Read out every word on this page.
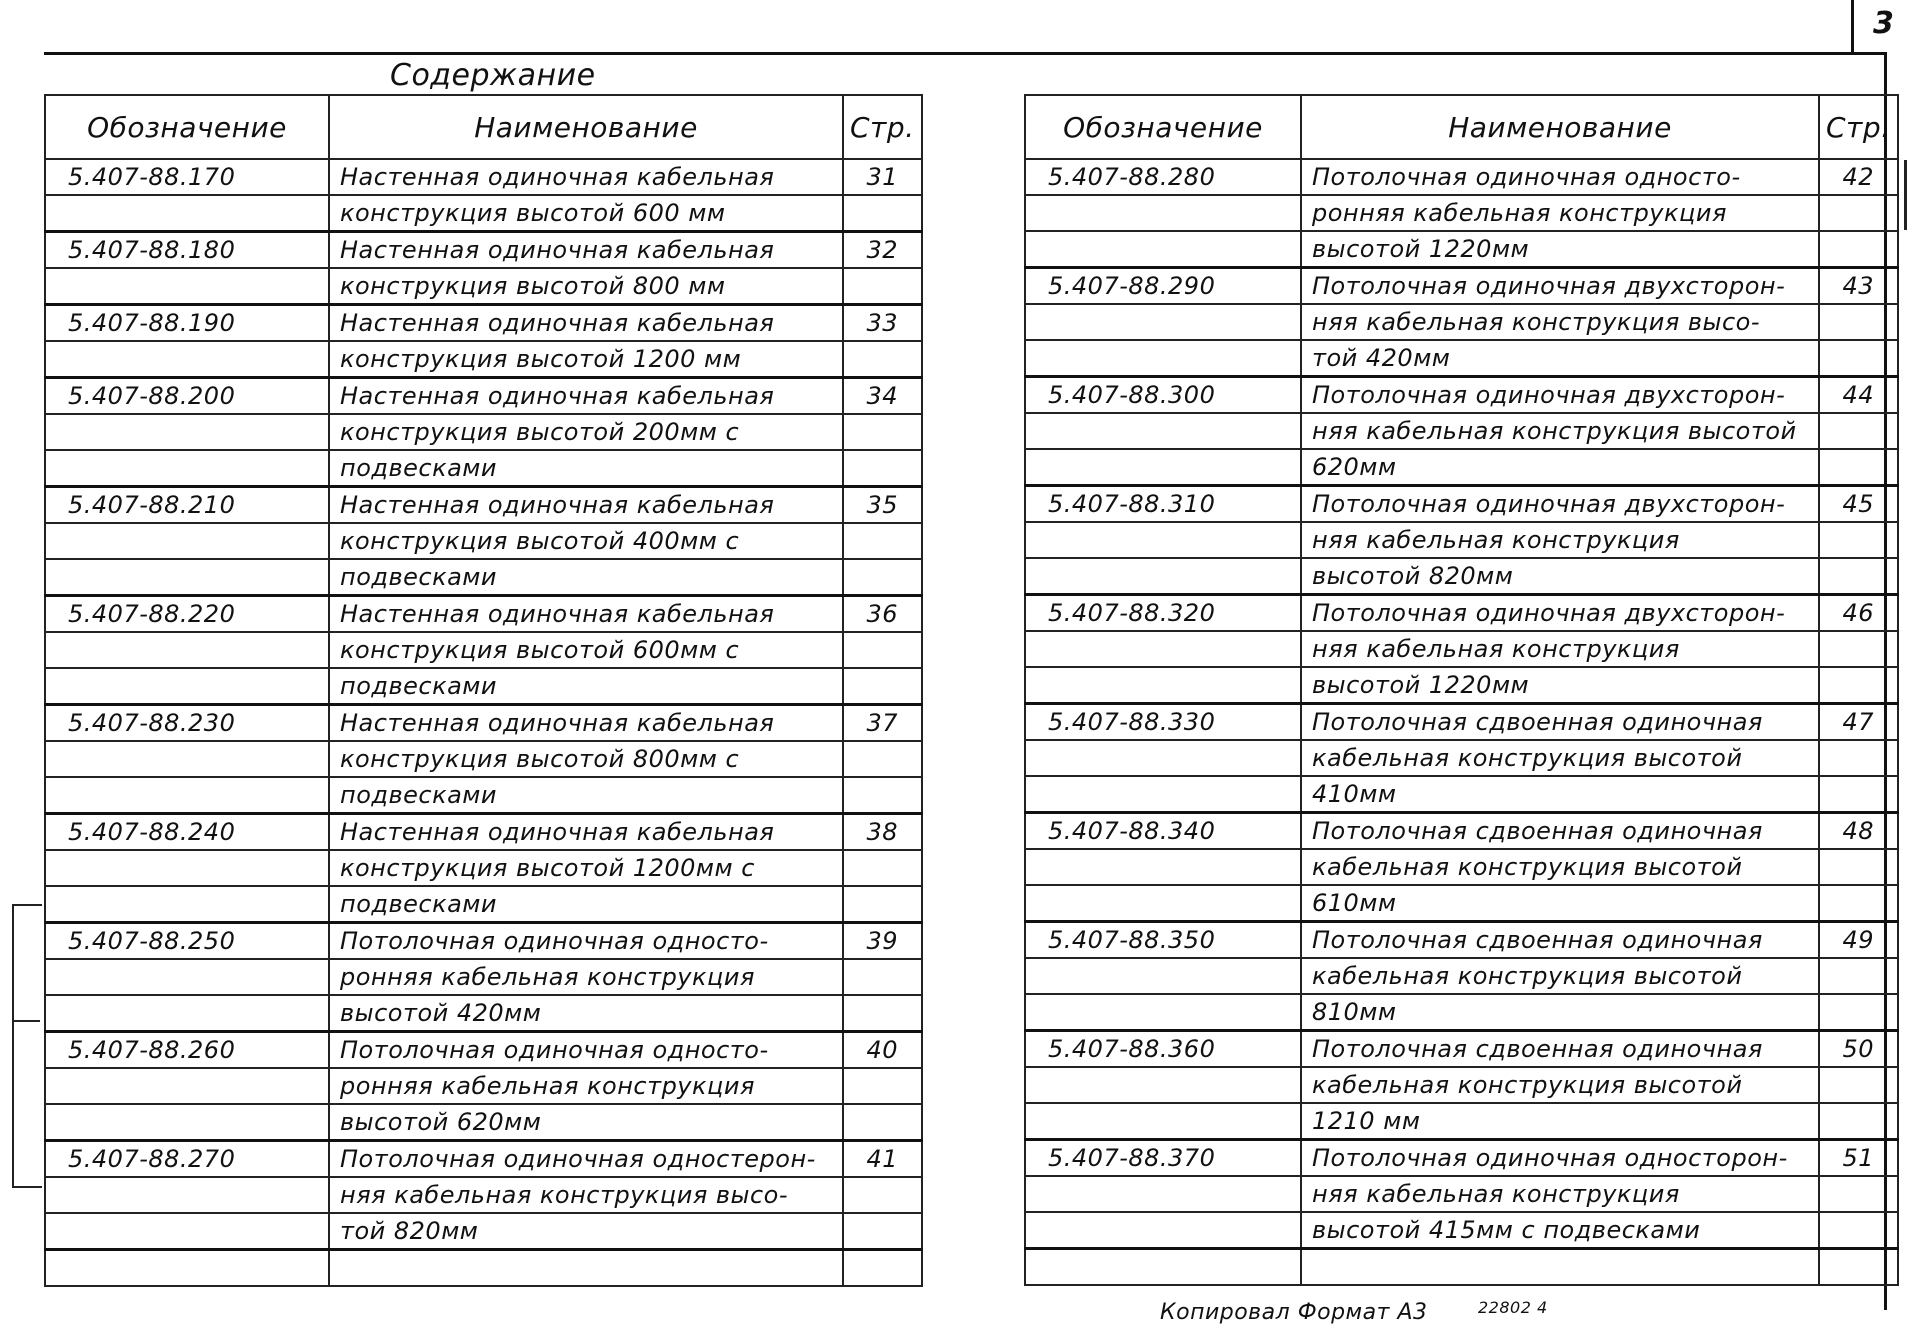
3
Содержание
Обозначение	Наименование	Стр.
5.407-88.170	Настенная одиночная кабельная	31
	конструкция высотой 600 мм	
5.407-88.180	Настенная одиночная кабельная	32
	конструкция высотой 800 мм	
5.407-88.190	Настенная одиночная кабельная	33
	конструкция высотой 1200 мм	
5.407-88.200	Настенная одиночная кабельная	34
	конструкция высотой 200мм с	
	подвесками	
5.407-88.210	Настенная одиночная кабельная	35
	конструкция высотой 400мм с	
	подвесками	
5.407-88.220	Настенная одиночная кабельная	36
	конструкция высотой 600мм с	
	подвесками	
5.407-88.230	Настенная одиночная кабельная	37
	конструкция высотой 800мм с	
	подвесками	
5.407-88.240	Настенная одиночная кабельная	38
	конструкция высотой 1200мм с	
	подвесками	
5.407-88.250	Потолочная одиночная односто-	39
	ронняя кабельная конструкция	
	высотой 420мм	
5.407-88.260	Потолочная одиночная односто-	40
	ронняя кабельная конструкция	
	высотой 620мм	
5.407-88.270	Потолочная одиночная одностерон-	41
	няя кабельная конструкция высо-	
	той 820мм	

Обозначение	Наименование	Стр.
5.407-88.280	Потолочная одиночная односто-	42
	ронняя кабельная конструкция	
	высотой 1220мм	
5.407-88.290	Потолочная одиночная двухсторон-	43
	няя кабельная конструкция высо-	
	той 420мм	
5.407-88.300	Потолочная одиночная двухсторон-	44
	няя кабельная конструкция высотой	
	620мм	
5.407-88.310	Потолочная одиночная двухсторон-	45
	няя кабельная конструкция	
	высотой 820мм	
5.407-88.320	Потолочная одиночная двухсторон-	46
	няя кабельная конструкция	
	высотой 1220мм	
5.407-88.330	Потолочная сдвоенная одиночная	47
	кабельная конструкция высотой	
	410мм	
5.407-88.340	Потолочная сдвоенная одиночная	48
	кабельная конструкция высотой	
	610мм	
5.407-88.350	Потолочная сдвоенная одиночная	49
	кабельная конструкция высотой	
	810мм	
5.407-88.360	Потолочная сдвоенная одиночная	50
	кабельная конструкция высотой	
	1210 мм	
5.407-88.370	Потолочная одиночная односторон-	51
	няя кабельная конструкция	
	высотой 415мм с подвесками	

Копировал Формат А3	22802 4
